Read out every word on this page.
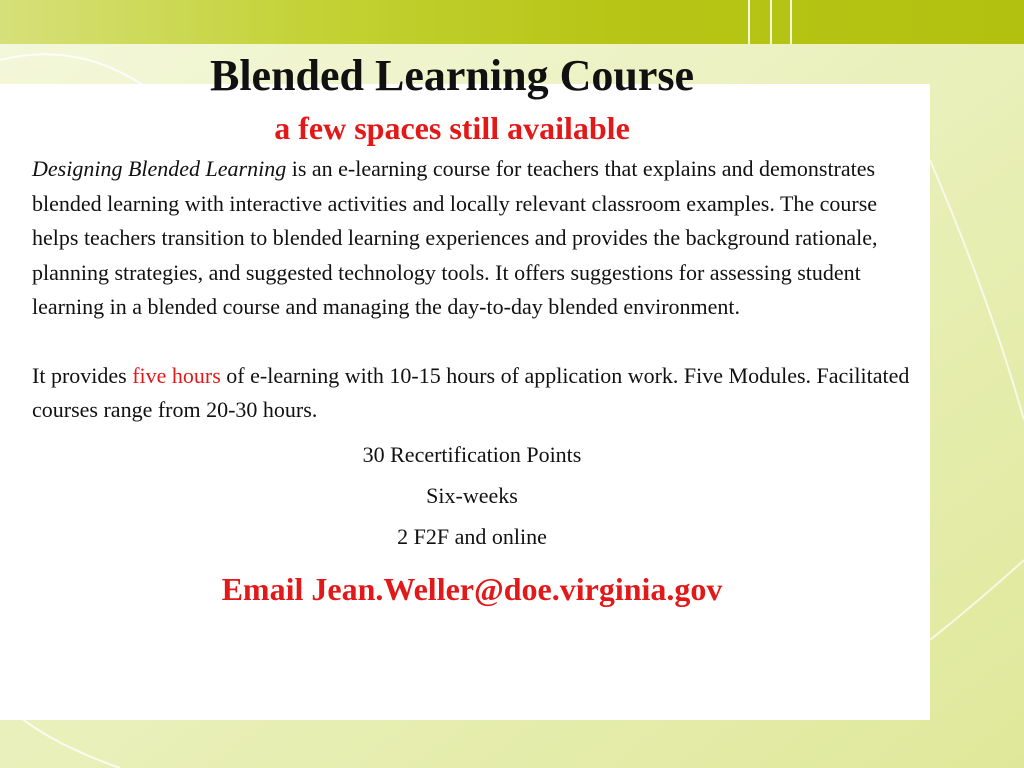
Blended Learning Course
a few spaces still available

Designing Blended Learning is an e-learning course for teachers that explains and demonstrates blended learning with interactive activities and locally relevant classroom examples. The course helps teachers transition to blended learning experiences and provides the background rationale, planning strategies, and suggested technology tools. It offers suggestions for assessing student learning in a blended course and managing the day-to-day blended environment.

It provides five hours of e-learning with 10-15 hours of application work. Five Modules. Facilitated courses range from 20-30 hours.

30 Recertification Points
Six-weeks
2 F2F and online

Email Jean.Weller@doe.virginia.gov
